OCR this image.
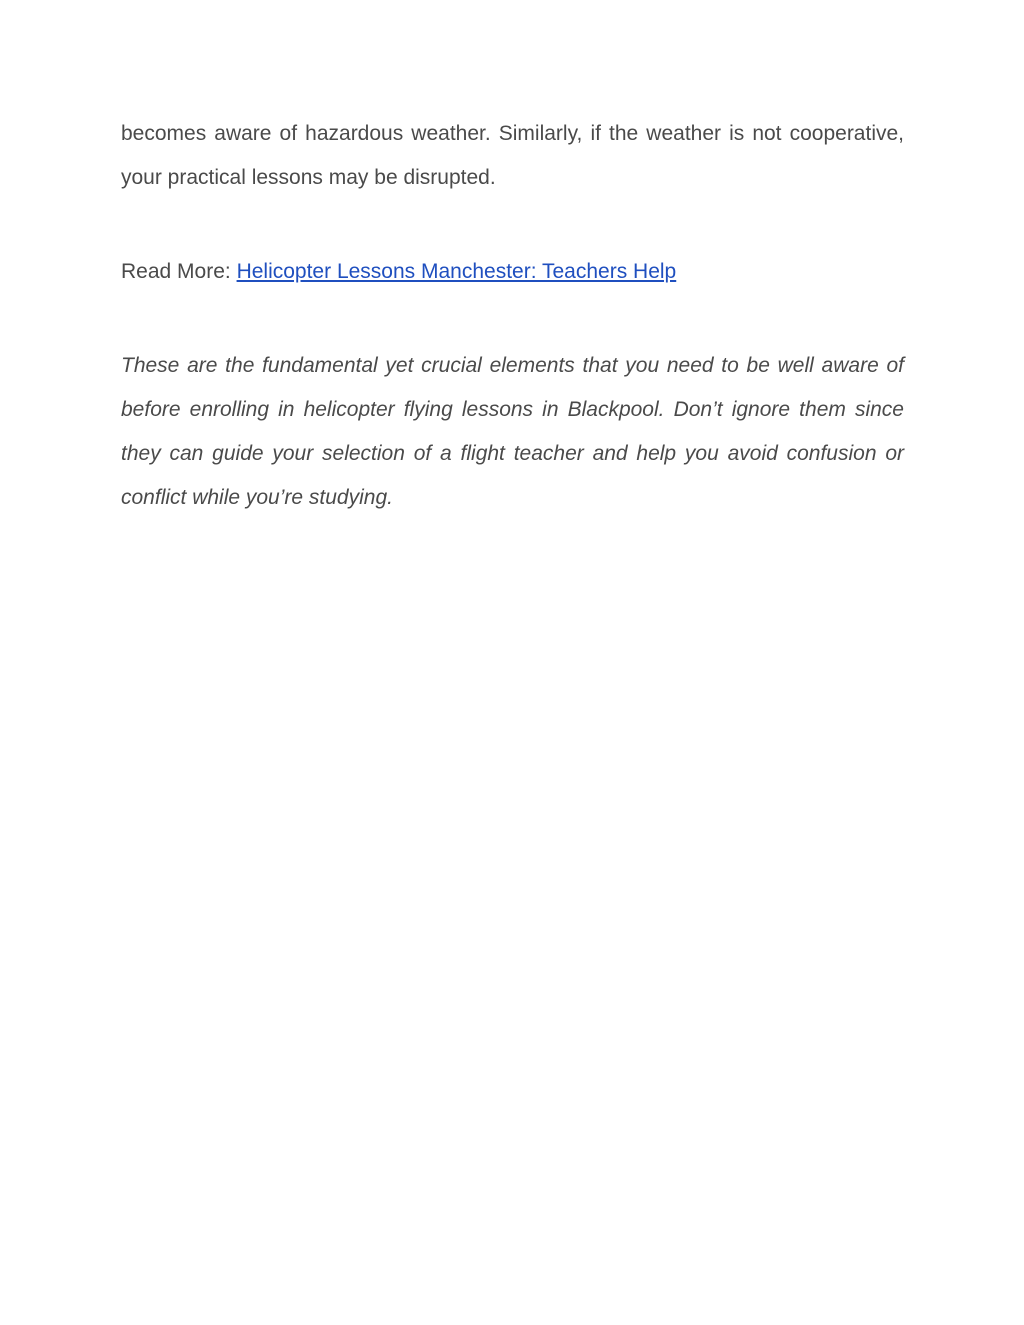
becomes aware of hazardous weather. Similarly, if the weather is not cooperative, your practical lessons may be disrupted.

Read More: Helicopter Lessons Manchester: Teachers Help

These are the fundamental yet crucial elements that you need to be well aware of before enrolling in helicopter flying lessons in Blackpool. Don’t ignore them since they can guide your selection of a flight teacher and help you avoid confusion or conflict while you’re studying.
